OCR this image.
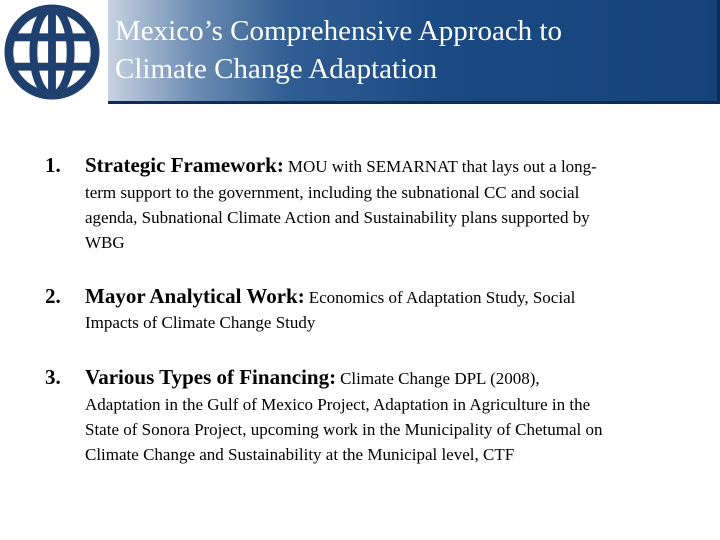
Mexico’s Comprehensive Approach to
Climate Change Adaptation
1. Strategic Framework: MOU with SEMARNAT that lays out a long-
term support to the government, including the subnational CC and social
agenda, Subnational Climate Action and Sustainability plans supported by
WBG
2. Mayor Analytical Work: Economics of Adaptation Study, Social
Impacts of Climate Change Study
3. Various Types of Financing: Climate Change DPL (2008),
Adaptation in the Gulf of Mexico Project, Adaptation in Agriculture in the
State of Sonora Project, upcoming work in the Municipality of Chetumal on
Climate Change and Sustainability at the Municipal level, CTF
